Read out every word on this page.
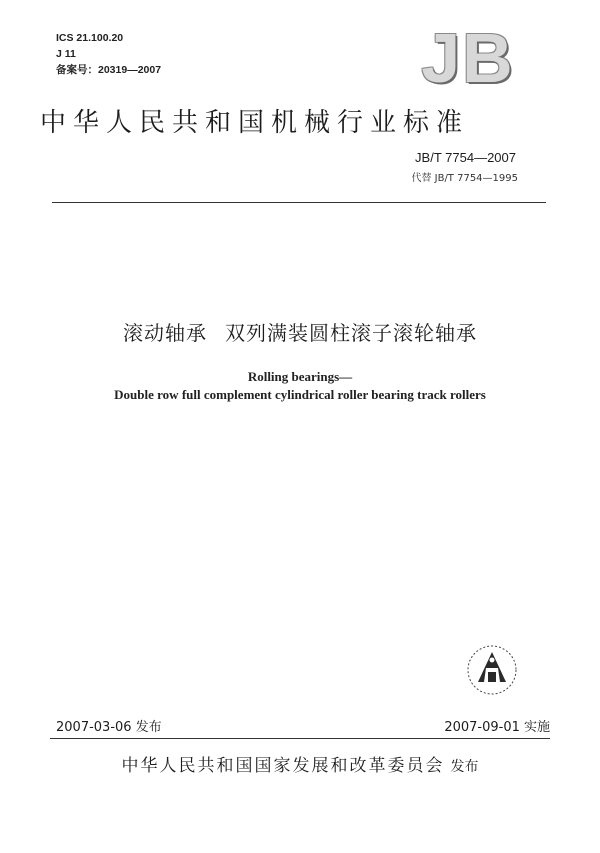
ICS 21.100.20
J 11
备案号：20319—2007	JB
中华人民共和国机械行业标准
JB/T 7754—2007
代替 JB/T 7754—1995
滚动轴承 双列满装圆柱滚子滚轮轴承
Rolling bearings—
Double row full complement cylindrical roller bearing track rollers
2007-03-06 发布	2007-09-01 实施
中华人民共和国国家发展和改革委员会 发布
